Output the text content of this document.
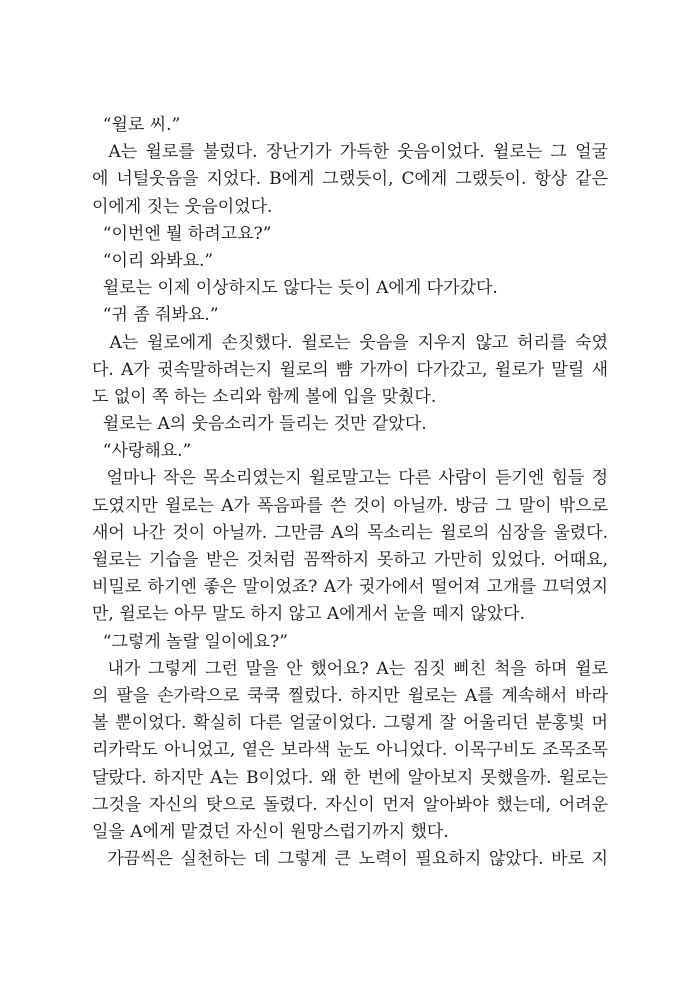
“윌로 씨.”
A는 윌로를 불렀다. 장난기가 가득한 웃음이었다. 윌로는 그 얼굴
에 너털웃음을 지었다. B에게 그랬듯이, C에게 그랬듯이. 항상 같은
이에게 짓는 웃음이었다.
“이번엔 뭘 하려고요?”
“이리 와봐요.”
윌로는 이제 이상하지도 않다는 듯이 A에게 다가갔다.
“귀 좀 줘봐요.”
A는 윌로에게 손짓했다. 윌로는 웃음을 지우지 않고 허리를 숙였
다. A가 귓속말하려는지 윌로의 뺨 가까이 다가갔고, 윌로가 말릴 새
도 없이 쪽 하는 소리와 함께 볼에 입을 맞췄다.
윌로는 A의 웃음소리가 들리는 것만 같았다.
“사랑해요.”
얼마나 작은 목소리였는지 윌로말고는 다른 사람이 듣기엔 힘들 정
도였지만 윌로는 A가 폭음파를 쓴 것이 아닐까. 방금 그 말이 밖으로
새어 나간 것이 아닐까. 그만큼 A의 목소리는 윌로의 심장을 울렸다.
윌로는 기습을 받은 것처럼 꼼짝하지 못하고 가만히 있었다. 어때요,
비밀로 하기엔 좋은 말이었죠? A가 귓가에서 떨어져 고개를 끄덕였지
만, 윌로는 아무 말도 하지 않고 A에게서 눈을 떼지 않았다.
“그렇게 놀랄 일이에요?”
내가 그렇게 그런 말을 안 했어요? A는 짐짓 삐친 척을 하며 윌로
의 팔을 손가락으로 쿡쿡 찔렀다. 하지만 윌로는 A를 계속해서 바라
볼 뿐이었다. 확실히 다른 얼굴이었다. 그렇게 잘 어울리던 분홍빛 머
리카락도 아니었고, 옅은 보라색 눈도 아니었다. 이목구비도 조목조목
달랐다. 하지만 A는 B이었다. 왜 한 번에 알아보지 못했을까. 윌로는
그것을 자신의 탓으로 돌렸다. 자신이 먼저 알아봐야 했는데, 어려운
일을 A에게 맡겼던 자신이 원망스럽기까지 했다.
가끔씩은 실천하는 데 그렇게 큰 노력이 필요하지 않았다. 바로 지
